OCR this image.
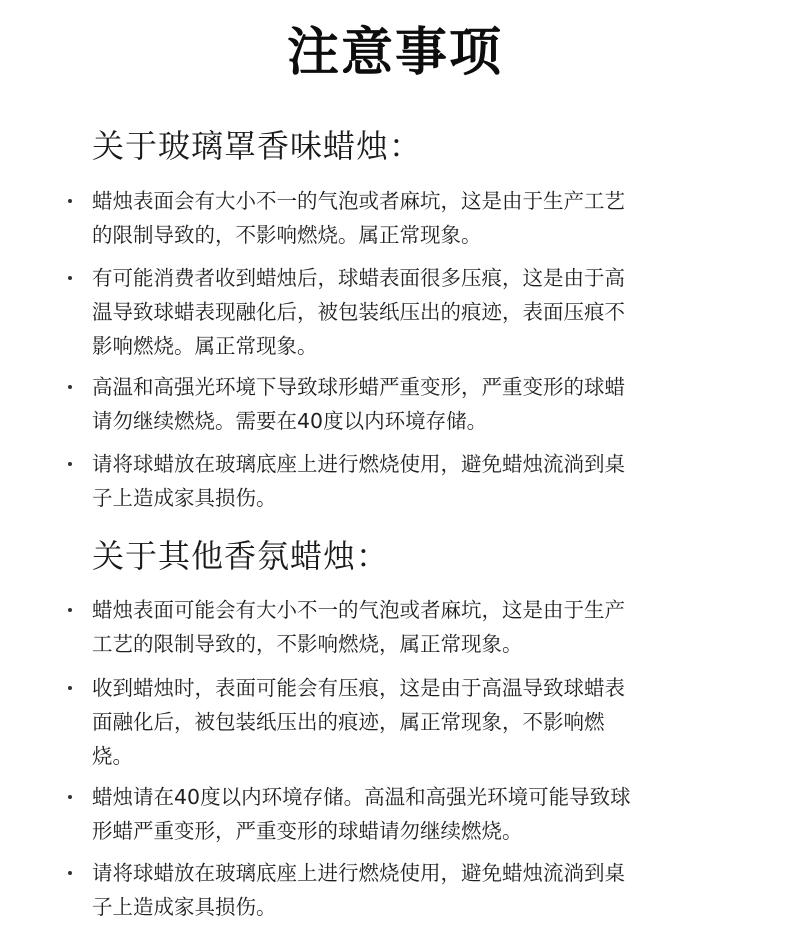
注意事项
关于玻璃罩香味蜡烛：
蜡烛表面会有大小不一的气泡或者麻坑，这是由于生产工艺
的限制导致的，不影响燃烧。属正常现象。
有可能消费者收到蜡烛后，球蜡表面很多压痕，这是由于高
温导致球蜡表现融化后，被包装纸压出的痕迹，表面压痕不
影响燃烧。属正常现象。
高温和高强光环境下导致球形蜡严重变形，严重变形的球蜡
请勿继续燃烧。需要在40度以内环境存储。
请将球蜡放在玻璃底座上进行燃烧使用，避免蜡烛流淌到桌
子上造成家具损伤。
关于其他香氛蜡烛：
蜡烛表面可能会有大小不一的气泡或者麻坑，这是由于生产
工艺的限制导致的，不影响燃烧，属正常现象。
收到蜡烛时，表面可能会有压痕，这是由于高温导致球蜡表
面融化后，被包装纸压出的痕迹，属正常现象，不影响燃
烧。
蜡烛请在40度以内环境存储。高温和高强光环境可能导致球
形蜡严重变形，严重变形的球蜡请勿继续燃烧。
请将球蜡放在玻璃底座上进行燃烧使用，避免蜡烛流淌到桌
子上造成家具损伤。
